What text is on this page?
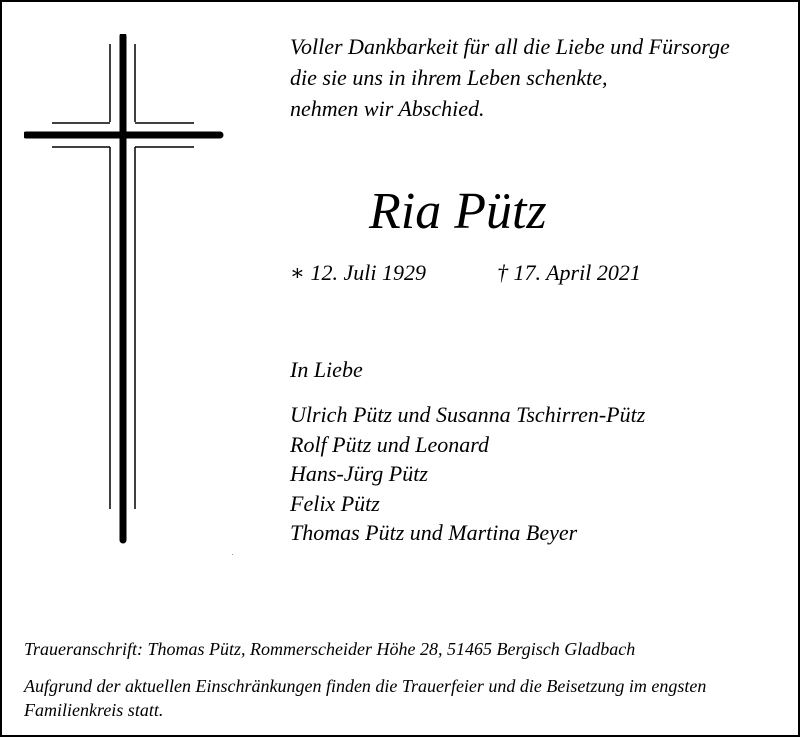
Voller Dankbarkeit für all die Liebe und Fürsorge
die sie uns in ihrem Leben schenkte,
nehmen wir Abschied.
Ria Pütz
∗ 12. Juli 1929	† 17. April 2021
In Liebe
Ulrich Pütz und Susanna Tschirren-Pütz
Rolf Pütz und Leonard
Hans-Jürg Pütz
Felix Pütz
Thomas Pütz und Martina Beyer
Traueranschrift: Thomas Pütz, Rommerscheider Höhe 28, 51465 Bergisch Gladbach
Aufgrund der aktuellen Einschränkungen finden die Trauerfeier und die Beisetzung im engsten
Familienkreis statt.
